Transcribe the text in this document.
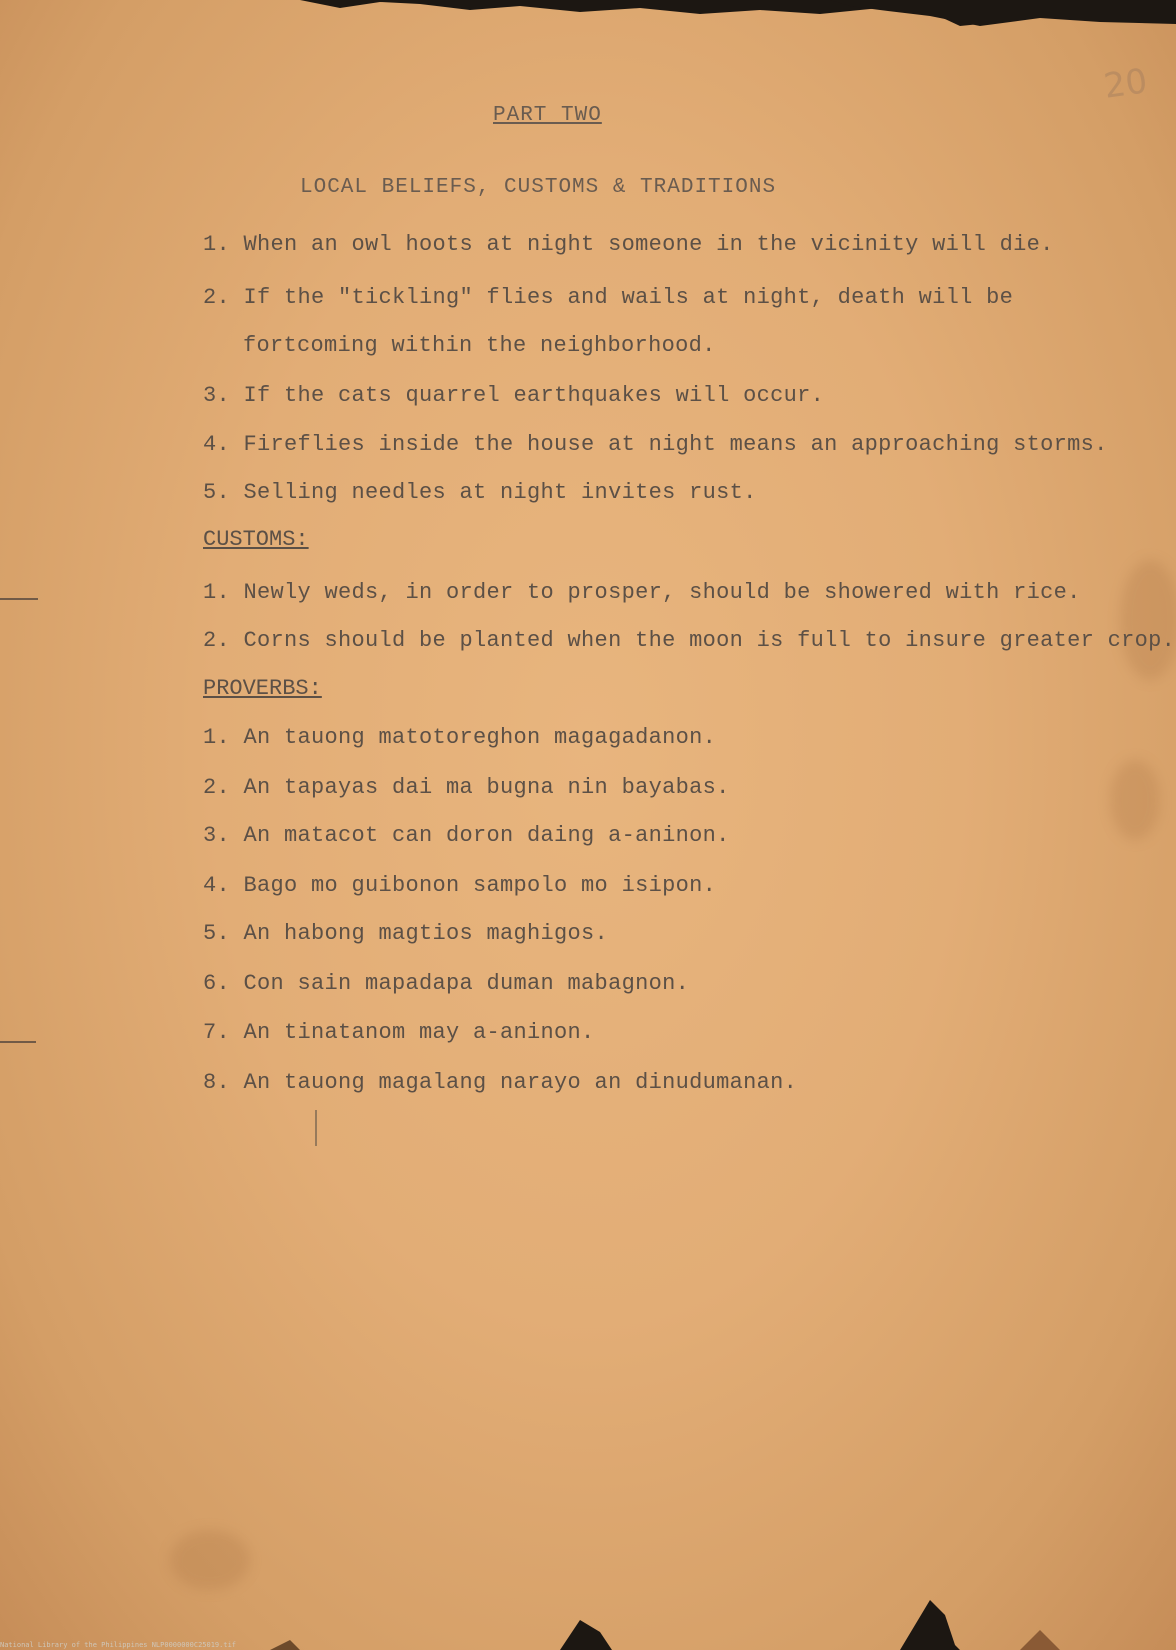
20
PART TWO
LOCAL BELIEFS, CUSTOMS & TRADITIONS
1. When an owl hoots at night someone in the vicinity will die.
2. If the "tickling" flies and wails at night, death will be
fortcoming within the neighborhood.
3. If the cats quarrel earthquakes will occur.
4. Fireflies inside the house at night means an approaching storms.
5. Selling needles at night invites rust.
CUSTOMS:
1. Newly weds, in order to prosper, should be showered with rice.
2. Corns should be planted when the moon is full to insure greater crop.
PROVERBS:
1. An tauong matotoreghon magagadanon.
2. An tapayas dai ma bugna nin bayabas.
3. An matacot can doron daing a-aninon.
4. Bago mo guibonon sampolo mo isipon.
5. An habong magtios maghigos.
6. Con sain mapadapa duman mabagnon.
7. An tinatanom may a-aninon.
8. An tauong magalang narayo an dinudumanan.
National Library of the Philippines NLP0000000C25019.tif
